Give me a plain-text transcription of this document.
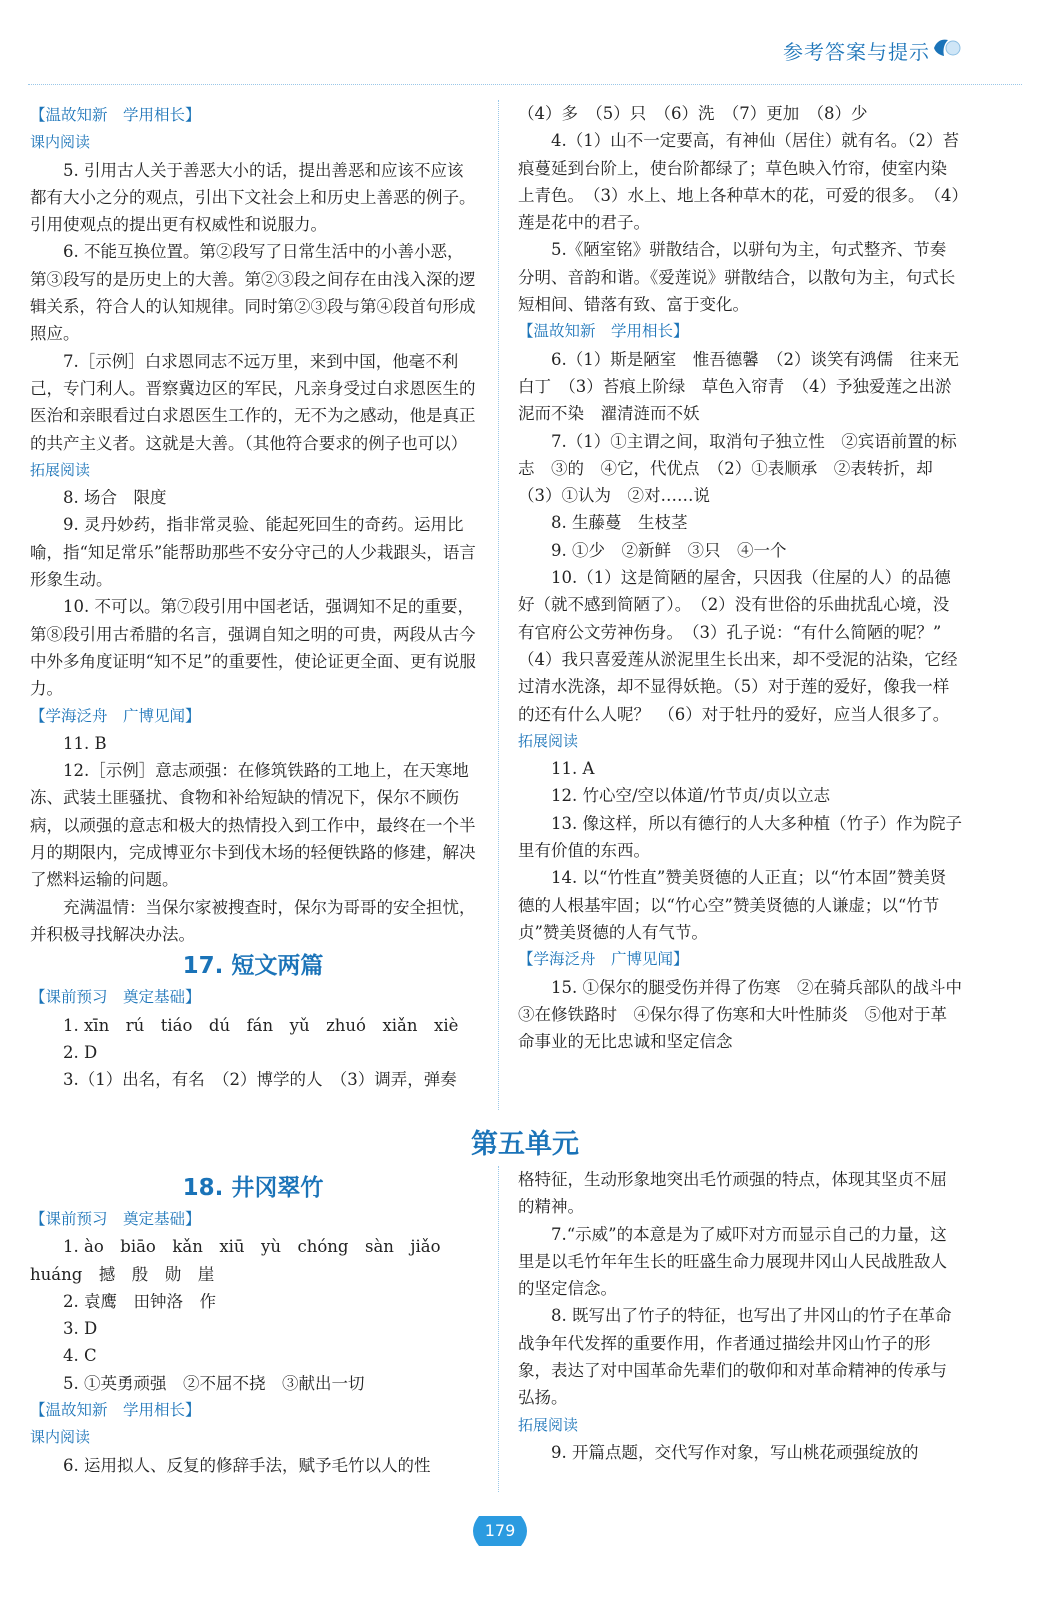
参考答案与提示

【温故知新　学用相长】

课内阅读

5. 引用古人关于善恶大小的话，提出善恶和应该不应该都有大小之分的观点，引出下文社会上和历史上善恶的例子。引用使观点的提出更有权威性和说服力。

6. 不能互换位置。第②段写了日常生活中的小善小恶，第③段写的是历史上的大善。第②③段之间存在由浅入深的逻辑关系，符合人的认知规律。同时第②③段与第④段首句形成照应。

7.［示例］白求恩同志不远万里，来到中国，他毫不利己，专门利人。晋察冀边区的军民，凡亲身受过白求恩医生的医治和亲眼看过白求恩医生工作的，无不为之感动，他是真正的共产主义者。这就是大善。（其他符合要求的例子也可以）

拓展阅读

8. 场合　限度

9. 灵丹妙药，指非常灵验、能起死回生的奇药。运用比喻，指“知足常乐”能帮助那些不安分守己的人少栽跟头，语言形象生动。

10. 不可以。第⑦段引用中国老话，强调知不足的重要，第⑧段引用古希腊的名言，强调自知之明的可贵，两段从古今中外多角度证明“知不足”的重要性，使论证更全面、更有说服力。

【学海泛舟　广博见闻】

11. B

12.［示例］意志顽强：在修筑铁路的工地上，在天寒地冻、武装土匪骚扰、食物和补给短缺的情况下，保尔不顾伤病，以顽强的意志和极大的热情投入到工作中，最终在一个半月的期限内，完成博亚尔卡到伐木场的轻便铁路的修建，解决了燃料运输的问题。

充满温情：当保尔家被搜查时，保尔为哥哥的安全担忧，并积极寻找解决办法。

17. 短文两篇

【课前预习　奠定基础】

1. xīn　rú　tiáo　dú　fán　yǔ　zhuó　xiǎn　xiè

2. D

3.（1）出名，有名　（2）博学的人　（3）调弄，弹奏

（4）多　（5）只　（6）洗　（7）更加　（8）少

4.（1）山不一定要高，有神仙（居住）就有名。（2）苔痕蔓延到台阶上，使台阶都绿了；草色映入竹帘，使室内染上青色。　（3）水上、地上各种草木的花，可爱的很多。　（4）莲是花中的君子。

5.《陋室铭》骈散结合，以骈句为主，句式整齐、节奏分明、音韵和谐。《爱莲说》骈散结合，以散句为主，句式长短相间、错落有致、富于变化。

【温故知新　学用相长】

6.（1）斯是陋室　惟吾德馨　（2）谈笑有鸿儒　往来无白丁　（3）苔痕上阶绿　草色入帘青　（4）予独爱莲之出淤泥而不染　濯清涟而不妖

7.（1）①主谓之间，取消句子独立性　②宾语前置的标志　③的　④它，代优点　（2）①表顺承　②表转折，却　（3）①认为　②对……说

8. 生藤蔓　生枝茎

9. ①少　②新鲜　③只　④一个

10.（1）这是简陋的屋舍，只因我（住屋的人）的品德好（就不感到简陋了）。　（2）没有世俗的乐曲扰乱心境，没有官府公文劳神伤身。　（3）孔子说：“有什么简陋的呢？”　（4）我只喜爱莲从淤泥里生长出来，却不受泥的沾染，它经过清水洗涤，却不显得妖艳。（5）对于莲的爱好，像我一样的还有什么人呢？　（6）对于牡丹的爱好，应当人很多了。

拓展阅读

11. A

12. 竹心空/空以体道/竹节贞/贞以立志

13. 像这样，所以有德行的人大多种植（竹子）作为院子里有价值的东西。

14. 以“竹性直”赞美贤德的人正直；以“竹本固”赞美贤德的人根基牢固；以“竹心空”赞美贤德的人谦虚；以“竹节贞”赞美贤德的人有气节。

【学海泛舟　广博见闻】

15. ①保尔的腿受伤并得了伤寒　②在骑兵部队的战斗中　③在修铁路时　④保尔得了伤寒和大叶性肺炎　⑤他对于革命事业的无比忠诚和坚定信念

第五单元

18. 井冈翠竹

【课前预习　奠定基础】

1. ào　biāo　kǎn　xiū　yù　chóng　sàn　jiǎo

huáng　撼　殷　勋　崖

2. 袁鹰　田钟洛　作

3. D

4. C

5. ①英勇顽强　②不屈不挠　③献出一切

【温故知新　学用相长】

课内阅读

6. 运用拟人、反复的修辞手法，赋予毛竹以人的性

格特征，生动形象地突出毛竹顽强的特点，体现其坚贞不屈的精神。

7.“示威”的本意是为了威吓对方而显示自己的力量，这里是以毛竹年年生长的旺盛生命力展现井冈山人民战胜敌人的坚定信念。

8. 既写出了竹子的特征，也写出了井冈山的竹子在革命战争年代发挥的重要作用，作者通过描绘井冈山竹子的形象，表达了对中国革命先辈们的敬仰和对革命精神的传承与弘扬。

拓展阅读

9. 开篇点题，交代写作对象，写山桃花顽强绽放的

179
